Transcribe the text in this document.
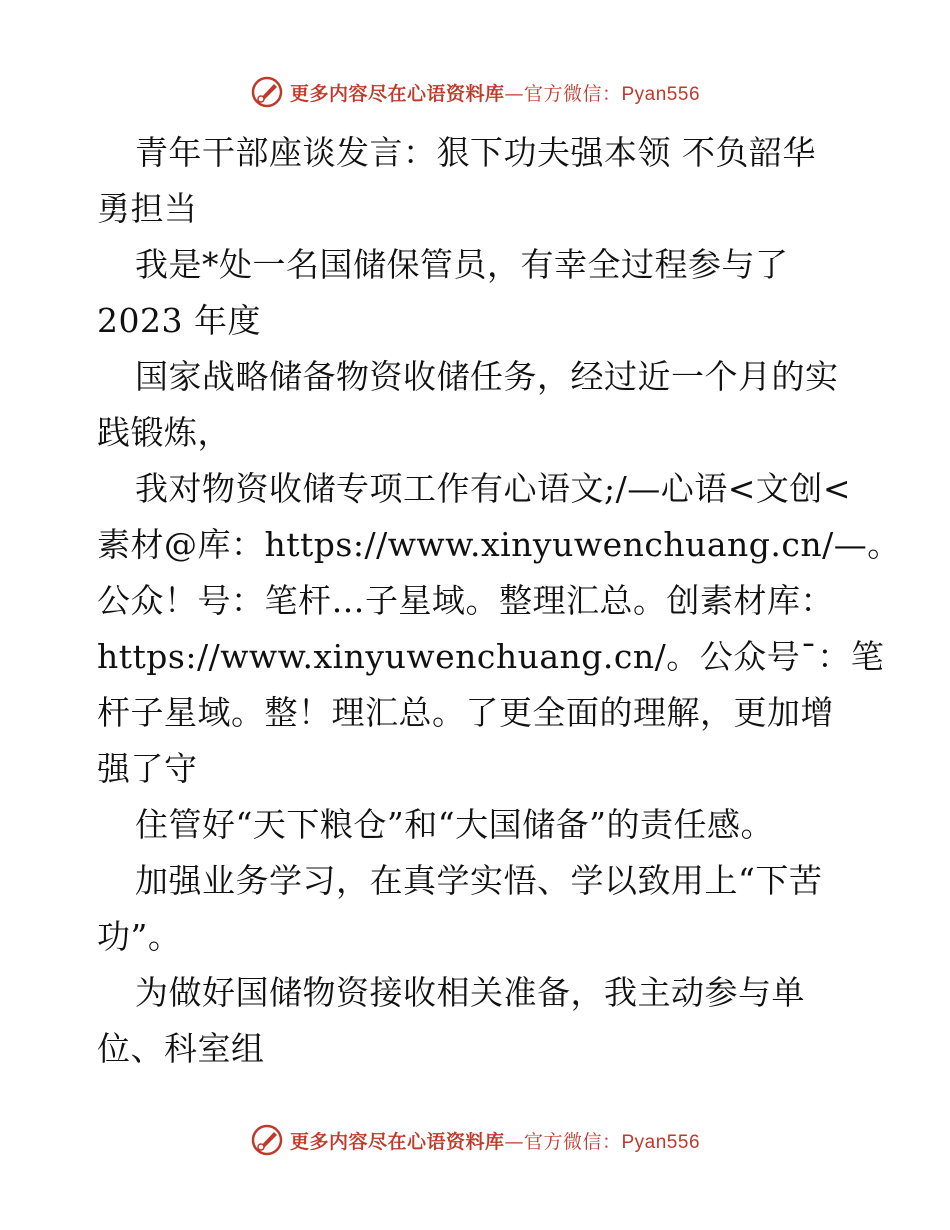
更多内容尽在心语资料库—官方微信：Pyan556
青年干部座谈发言：狠下功夫强本领 不负韶华
勇担当
我是*处一名国储保管员，有幸全过程参与了
2023 年度
国家战略储备物资收储任务，经过近一个月的实
践锻炼，
我对物资收储专项工作有心语文;/—心语<文创<
素材@库：https://www.xinyuwenchuang.cn/—。
公众！号：笔杆…子星域。整理汇总。创素材库：
https://www.xinyuwenchuang.cn/。公众号¯：笔
杆子星域。整！理汇总。了更全面的理解，更加增
强了守
住管好“天下粮仓”和“大国储备”的责任感。
加强业务学习，在真学实悟、学以致用上“下苦
功”。
为做好国储物资接收相关准备，我主动参与单
位、科室组
更多内容尽在心语资料库—官方微信：Pyan556
